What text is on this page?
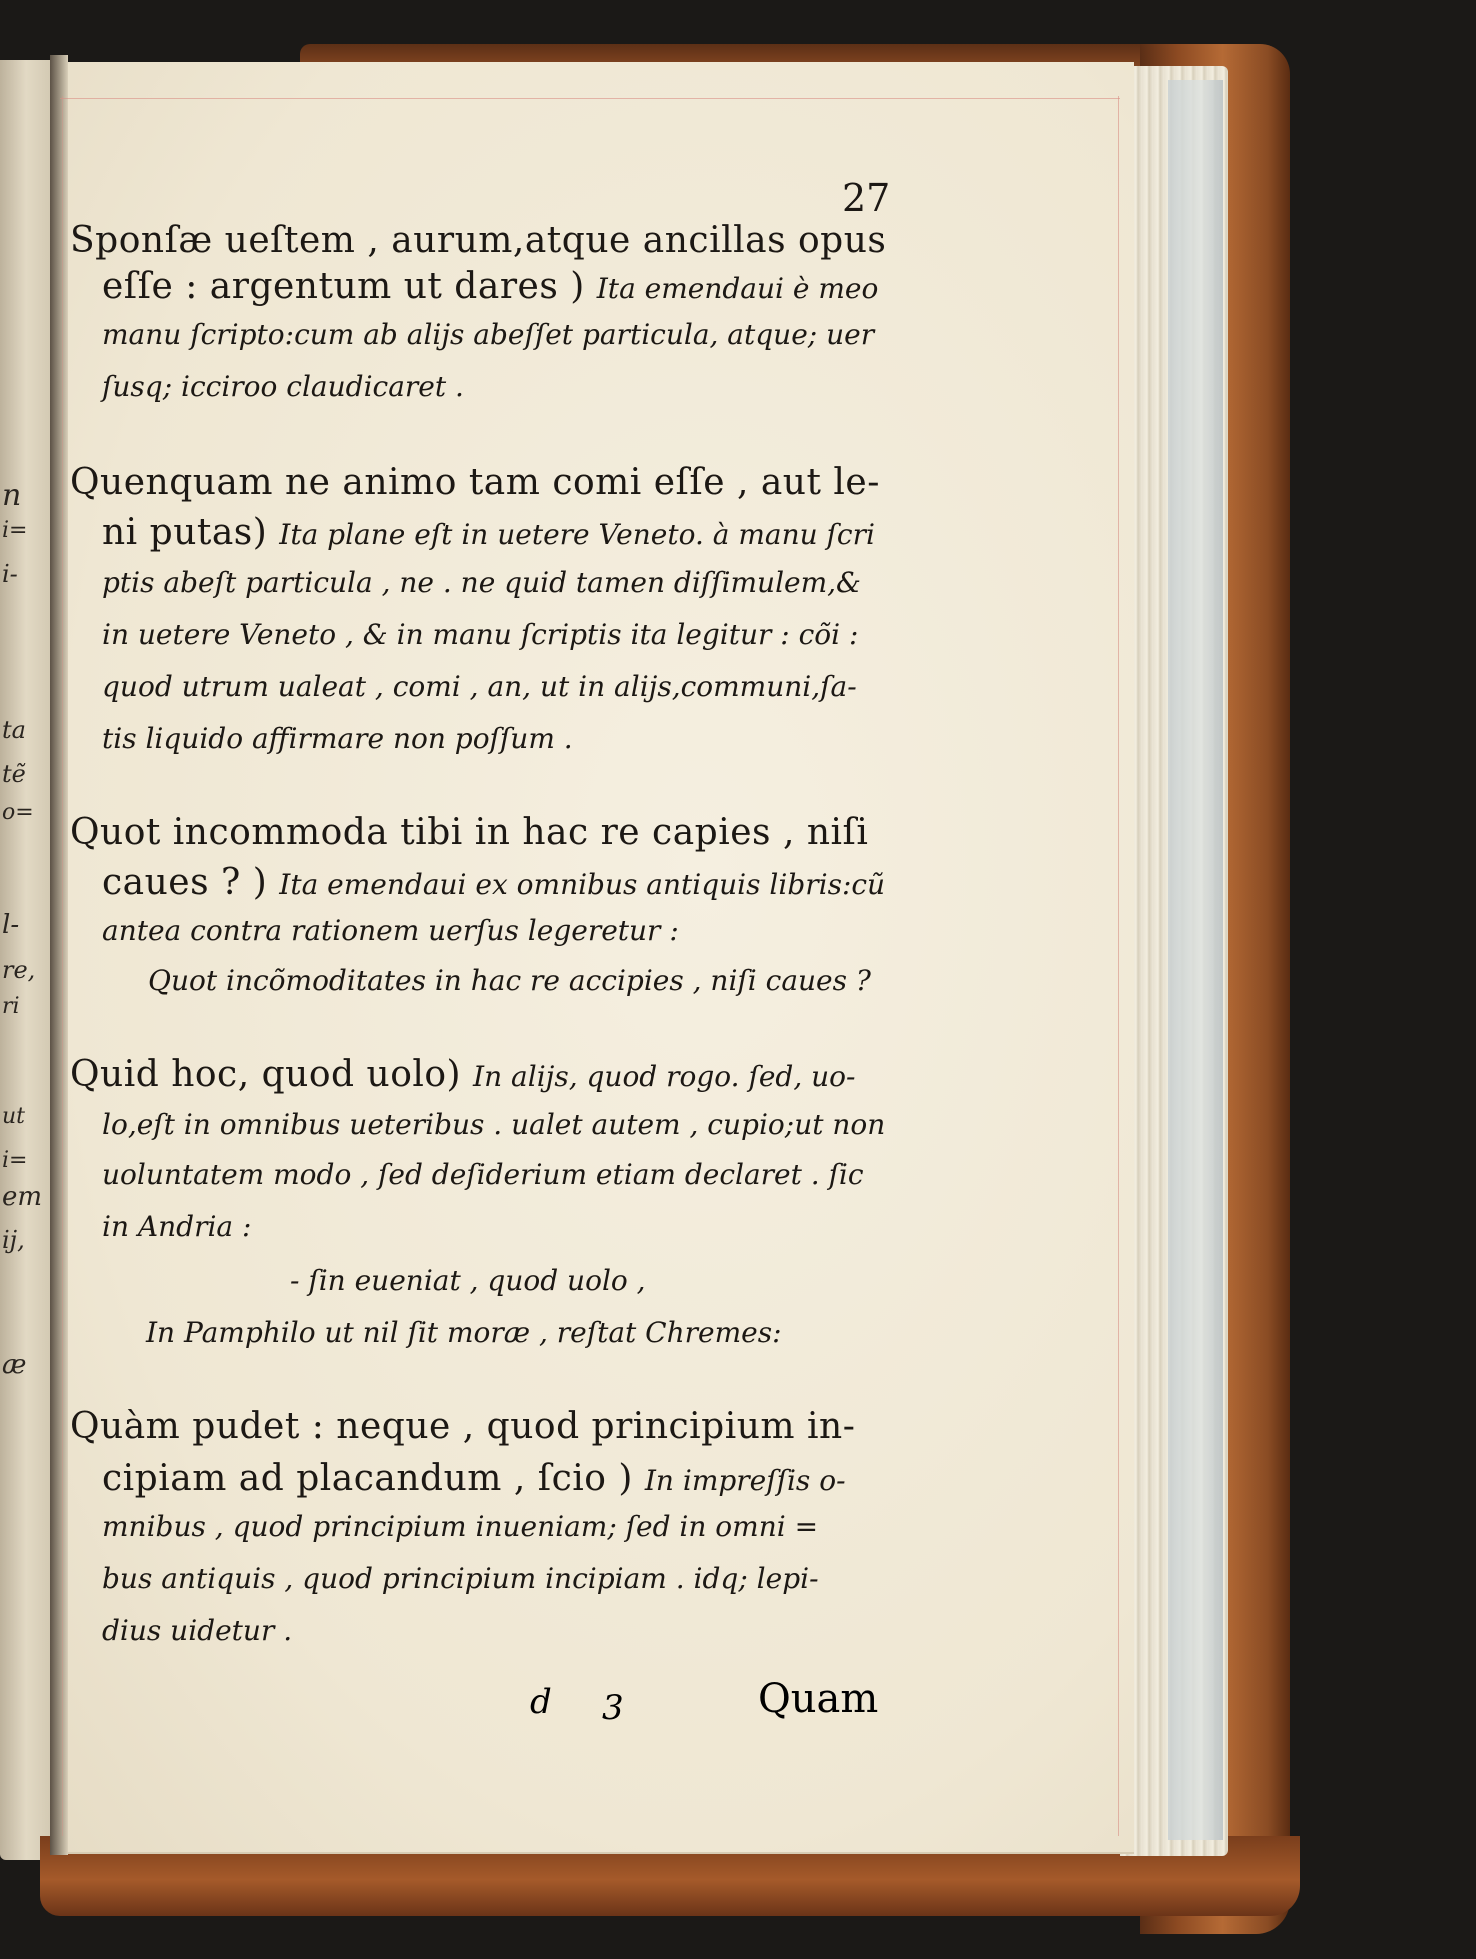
n
i=
i-
ta
tẽ
o=
l-
re,
ri
ut
i=
em
ij,
æ
27
Sponſæ ueſtem , aurum,atque ancillas opus
eſſe : argentum ut dares ) Ita emendaui è meo
manu ſcripto:cum ab aliјs abeſſet particula, atque; uer
ſusq; icciroo claudicaret .
Quenquam ne animo tam comi eſſe , aut le-
ni putas) Ita plane eſt in uetere Veneto. à manu ſcri
ptis abeſt particula , ne . ne quid tamen diſſimulem,&
in uetere Veneto , & in manu ſcriptis ita legitur : cõi :
quod utrum ualeat , comi , an, ut in aliјs,communi,ſa-
tis liquido affirmare non poſſum .
Quot incommoda tibi in hac re capies , niſi
caues ? ) Ita emendaui ex omnibus antiquis libris:cũ
antea contra rationem uerſus legeretur :
Quot incõmoditates in hac re accipies , niſi caues ?
Quid hoc, quod uolo) In aliјs, quod rogo. ſed, uo-
lo,eſt in omnibus ueteribus . ualet autem , cupio;ut non
uoluntatem modo , ſed deſiderium etiam declaret . ſic
in Andria :
- ſin eueniat , quod uolo ,
In Pamphilo ut nil ſit moræ , reſtat Chremes:
Quàm pudet : neque , quod principium in-
cipiam ad placandum , ſcio ) In impreſſis o-
mnibus , quod principium inueniam; ſed in omni =
bus antiquis , quod principium incipiam . idq; lepi-
dius uidetur .
d 3	Quam
